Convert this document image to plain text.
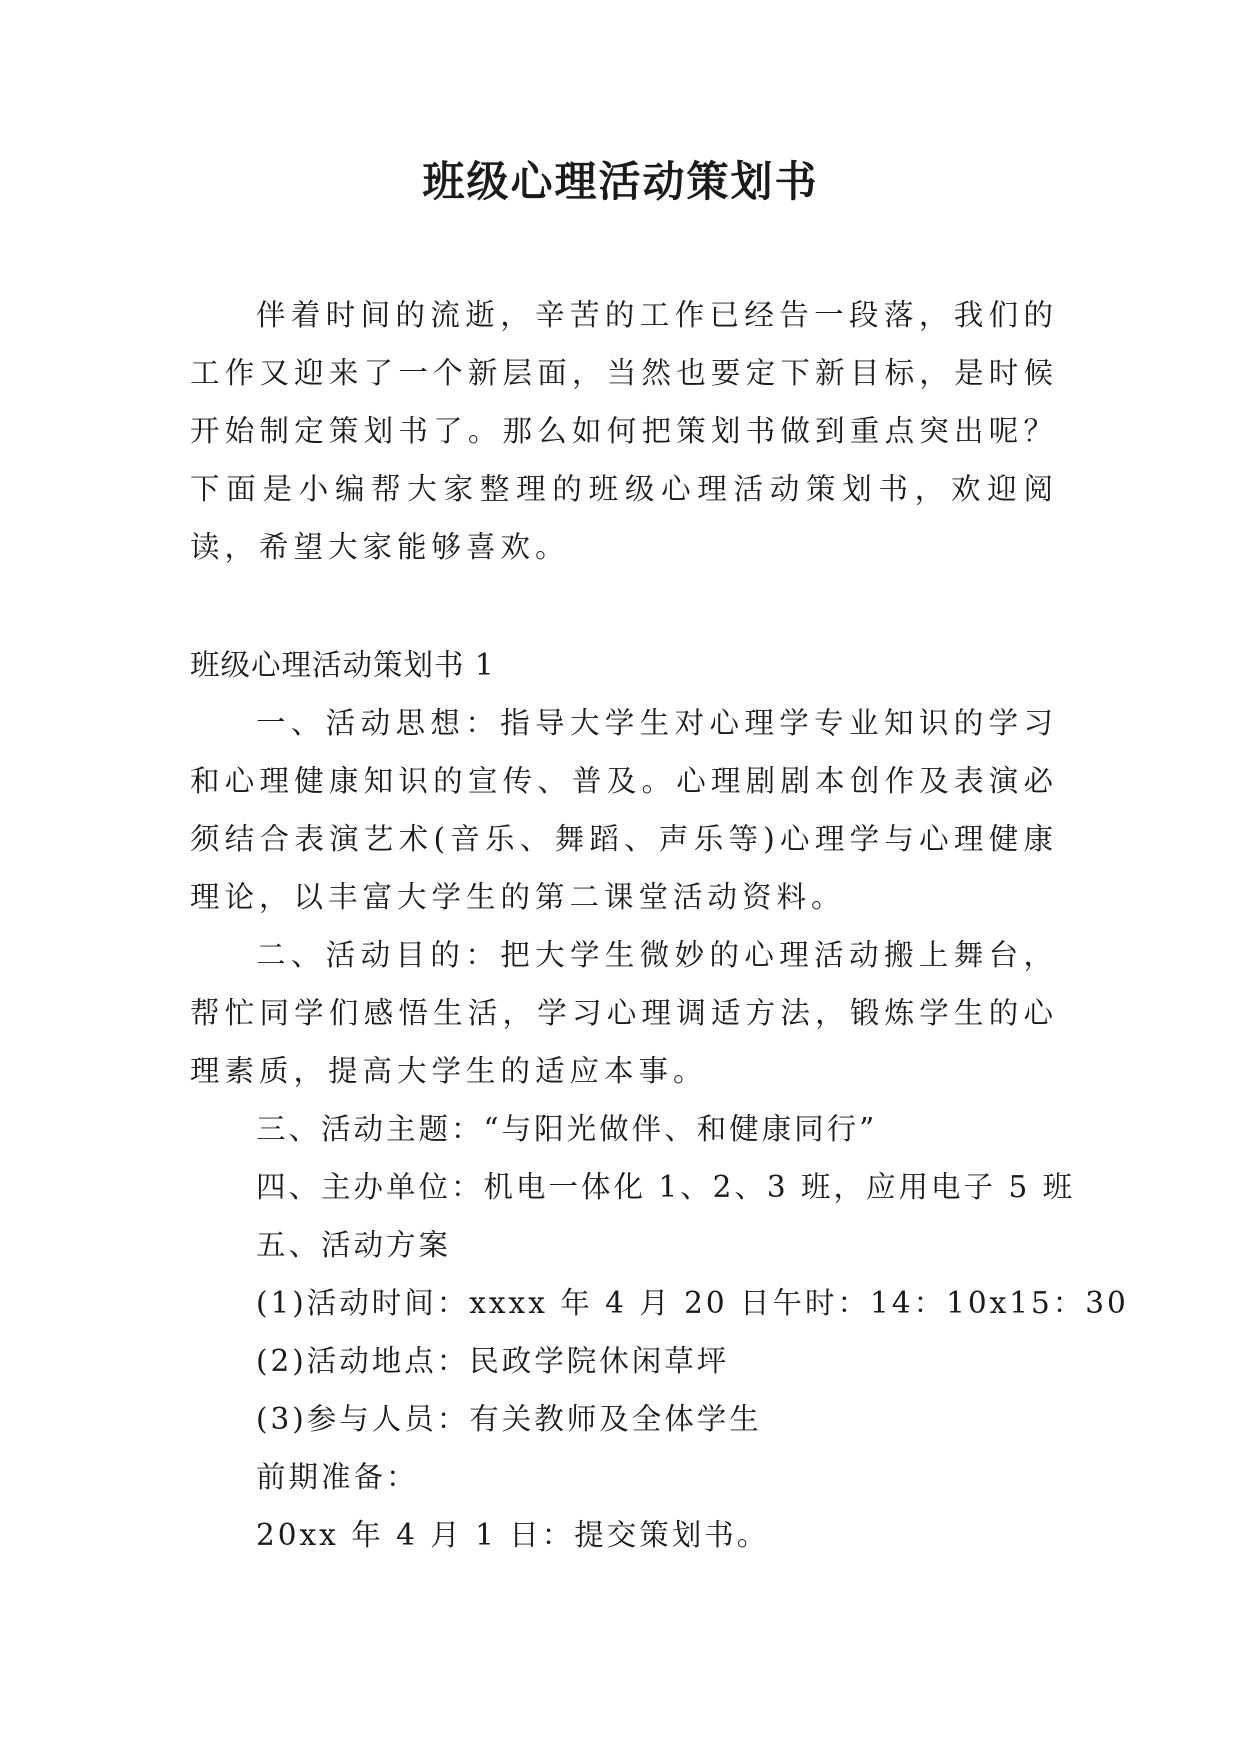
班级心理活动策划书

伴着时间的流逝，辛苦的工作已经告一段落，我们的工作又迎来了一个新层面，当然也要定下新目标，是时候开始制定策划书了。那么如何把策划书做到重点突出呢？下面是小编帮大家整理的班级心理活动策划书，欢迎阅读，希望大家能够喜欢。

班级心理活动策划书 1

一、活动思想：指导大学生对心理学专业知识的学习和心理健康知识的宣传、普及。心理剧剧本创作及表演必须结合表演艺术(音乐、舞蹈、声乐等)心理学与心理健康理论，以丰富大学生的第二课堂活动资料。

二、活动目的：把大学生微妙的心理活动搬上舞台，帮忙同学们感悟生活，学习心理调适方法，锻炼学生的心理素质，提高大学生的适应本事。

三、活动主题：“与阳光做伴、和健康同行”

四、主办单位：机电一体化 1、2、3 班，应用电子 5 班

五、活动方案

(1)活动时间：xxxx 年 4 月 20 日午时：14：10x15：30

(2)活动地点：民政学院休闲草坪

(3)参与人员：有关教师及全体学生

前期准备：

20xx 年 4 月 1 日：提交策划书。
